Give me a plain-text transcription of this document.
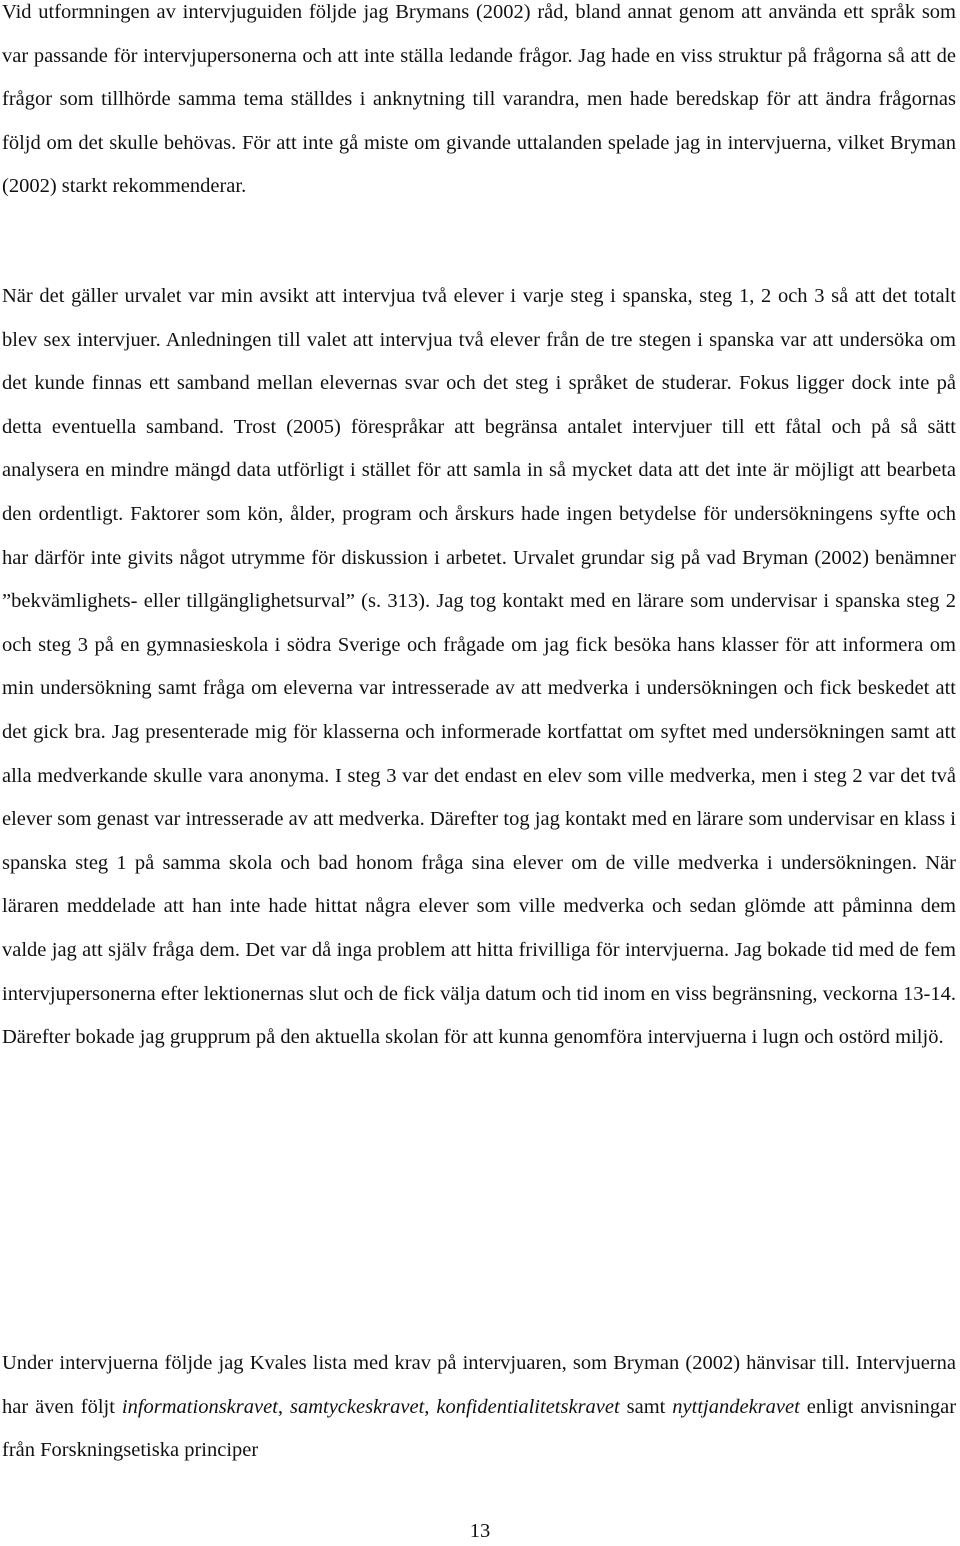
Vid utformningen av intervjuguiden följde jag Brymans (2002) råd, bland annat genom att använda ett språk som var passande för intervjupersonerna och att inte ställa ledande frågor. Jag hade en viss struktur på frågorna så att de frågor som tillhörde samma tema ställdes i anknytning till varandra, men hade beredskap för att ändra frågornas följd om det skulle behövas. För att inte gå miste om givande uttalanden spelade jag in intervjuerna, vilket Bryman (2002) starkt rekommenderar.

När det gäller urvalet var min avsikt att intervjua två elever i varje steg i spanska, steg 1, 2 och 3 så att det totalt blev sex intervjuer. Anledningen till valet att intervjua två elever från de tre stegen i spanska var att undersöka om det kunde finnas ett samband mellan elevernas svar och det steg i språket de studerar. Fokus ligger dock inte på detta eventuella samband. Trost (2005) förespråkar att begränsa antalet intervjuer till ett fåtal och på så sätt analysera en mindre mängd data utförligt i stället för att samla in så mycket data att det inte är möjligt att bearbeta den ordentligt. Faktorer som kön, ålder, program och årskurs hade ingen betydelse för undersökningens syfte och har därför inte givits något utrymme för diskussion i arbetet. Urvalet grundar sig på vad Bryman (2002) benämner ”bekvämlighets- eller tillgänglighetsurval” (s. 313). Jag tog kontakt med en lärare som undervisar i spanska steg 2 och steg 3 på en gymnasieskola i södra Sverige och frågade om jag fick besöka hans klasser för att informera om min undersökning samt fråga om eleverna var intresserade av att medverka i undersökningen och fick beskedet att det gick bra. Jag presenterade mig för klasserna och informerade kortfattat om syftet med undersökningen samt att alla medverkande skulle vara anonyma. I steg 3 var det endast en elev som ville medverka, men i steg 2 var det två elever som genast var intresserade av att medverka. Därefter tog jag kontakt med en lärare som undervisar en klass i spanska steg 1 på samma skola och bad honom fråga sina elever om de ville medverka i undersökningen. När läraren meddelade att han inte hade hittat några elever som ville medverka och sedan glömde att påminna dem valde jag att själv fråga dem. Det var då inga problem att hitta frivilliga för intervjuerna. Jag bokade tid med de fem intervjupersonerna efter lektionernas slut och de fick välja datum och tid inom en viss begränsning, veckorna 13-14. Därefter bokade jag grupprum på den aktuella skolan för att kunna genomföra intervjuerna i lugn och ostörd miljö.

Under intervjuerna följde jag Kvales lista med krav på intervjuaren, som Bryman (2002) hänvisar till. Intervjuerna har även följt informationskravet, samtyckeskravet, konfidentialitetskravet samt nyttjandekravet enligt anvisningar från Forskningsetiska principer

13
